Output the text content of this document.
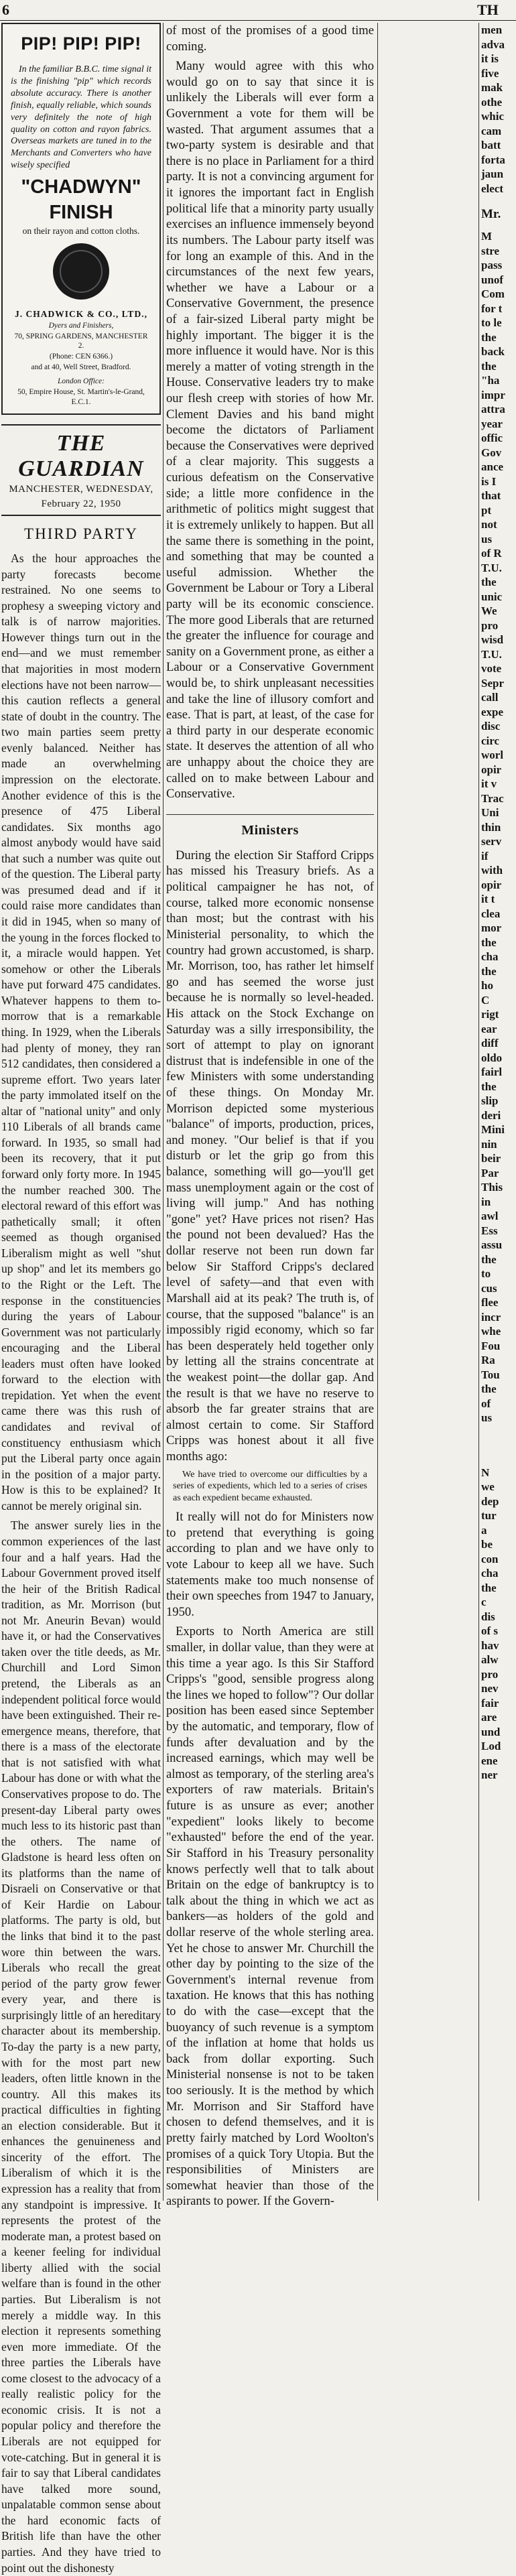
6	TH
PIP! PIP! PIP!

In the familiar B.B.C. time signal it is the finishing "pip" which records absolute accuracy. There is another finish, equally reliable, which sounds very definitely the note of high quality on cotton and rayon fabrics. Overseas markets are tuned in to the Merchants and Converters who have wisely specified

"CHADWYN"
FINISH
on their rayon and cotton cloths.
J. CHADWICK & CO., LTD.,
Dyers and Finishers,
70, SPRING GARDENS, MANCHESTER 2.
(Phone: CEN 6366.)
and at 40, Well Street, Bradford.
London Office:
50, Empire House, St. Martin's-le-Grand, E.C.1.
THE GUARDIAN
MANCHESTER, WEDNESDAY,
February 22, 1950
THIRD PARTY

As the hour approaches the party forecasts become restrained. No one seems to prophesy a sweeping victory and talk is of narrow majorities. However things turn out in the end—and we must remember that majorities in most modern elections have not been narrow—this caution reflects a general state of doubt in the country. The two main parties seem pretty evenly balanced. Neither has made an overwhelming impression on the electorate. Another evidence of this is the presence of 475 Liberal candidates. Six months ago almost anybody would have said that such a number was quite out of the question. The Liberal party was presumed dead and if it could raise more candidates than it did in 1945, when so many of the young in the forces flocked to it, a miracle would happen. Yet somehow or other the Liberals have put forward 475 candidates. Whatever happens to them to-morrow that is a remarkable thing. In 1929, when the Liberals had plenty of money, they ran 512 candidates, then considered a supreme effort. Two years later the party immolated itself on the altar of "national unity" and only 110 Liberals of all brands came forward. In 1935, so small had been its recovery, that it put forward only forty more. In 1945 the number reached 300. The electoral reward of this effort was pathetically small; it often seemed as though organised Liberalism might as well "shut up shop" and let its members go to the Right or the Left. The response in the constituencies during the years of Labour Government was not particularly encouraging and the Liberal leaders must often have looked forward to the election with trepidation. Yet when the event came there was this rush of candidates and revival of constituency enthusiasm which put the Liberal party once again in the position of a major party. How is this to be explained? It cannot be merely original sin.

The answer surely lies in the common experiences of the last four and a half years. Had the Labour Government proved itself the heir of the British Radical tradition, as Mr. Morrison (but not Mr. Aneurin Bevan) would have it, or had the Conservatives taken over the title deeds, as Mr. Churchill and Lord Simon pretend, the Liberals as an independent political force would have been extinguished. Their re-emergence means, therefore, that there is a mass of the electorate that is not satisfied with what Labour has done or with what the Conservatives propose to do. The present-day Liberal party owes much less to its historic past than the others. The name of Gladstone is heard less often on its platforms than the name of Disraeli on Conservative or that of Keir Hardie on Labour platforms. The party is old, but the links that bind it to the past wore thin between the wars. Liberals who recall the great period of the party grow fewer every year, and there is surprisingly little of an hereditary character about its membership. To-day the party is a new party, with for the most part new leaders, often little known in the country. All this makes its practical difficulties in fighting an election considerable. But it enhances the genuineness and sincerity of the effort. The Liberalism of which it is the expression has a reality that from any standpoint is impressive. It represents the protest of the moderate man, a protest based on a keener feeling for individual liberty allied with the social welfare than is found in the other parties. But Liberalism is not merely a middle way. In this election it represents something even more immediate. Of the three parties the Liberals have come closest to the advocacy of a really realistic policy for the economic crisis. It is not a popular policy and therefore the Liberals are not equipped for vote-catching. But in general it is fair to say that Liberal candidates have talked more sound, unpalatable common sense about the hard economic facts of British life than have the other parties. And they have tried to point out the dishonesty

of most of the promises of a good time coming.

Many would agree with this who would go on to say that since it is unlikely the Liberals will ever form a Government a vote for them will be wasted. That argument assumes that a two-party system is desirable and that there is no place in Parliament for a third party. It is not a convincing argument for it ignores the important fact in English political life that a minority party usually exercises an influence immensely beyond its numbers. The Labour party itself was for long an example of this. And in the circumstances of the next few years, whether we have a Labour or a Conservative Government, the presence of a fair-sized Liberal party might be highly important. The bigger it is the more influence it would have. Nor is this merely a matter of voting strength in the House. Conservative leaders try to make our flesh creep with stories of how Mr. Clement Davies and his band might become the dictators of Parliament because the Conservatives were deprived of a clear majority. This suggests a curious defeatism on the Conservative side; a little more confidence in the arithmetic of politics might suggest that it is extremely unlikely to happen. But all the same there is something in the point, and something that may be counted a useful admission. Whether the Government be Labour or Tory a Liberal party will be its economic conscience. The more good Liberals that are returned the greater the influence for courage and sanity on a Government prone, as either a Labour or a Conservative Government would be, to shirk unpleasant necessities and take the line of illusory comfort and ease. That is part, at least, of the case for a third party in our desperate economic state. It deserves the attention of all who are unhappy about the choice they are called on to make between Labour and Conservative.

Ministers

During the election Sir Stafford Cripps has missed his Treasury briefs. As a political campaigner he has not, of course, talked more economic nonsense than most; but the contrast with his Ministerial personality, to which the country had grown accustomed, is sharp. Mr. Morrison, too, has rather let himself go and has seemed the worse just because he is normally so level-headed. His attack on the Stock Exchange on Saturday was a silly irresponsibility, the sort of attempt to play on ignorant distrust that is indefensible in one of the few Ministers with some understanding of these things. On Monday Mr. Morrison depicted some mysterious "balance" of imports, production, prices, and money. "Our belief is that if you disturb or let the grip go from this balance, something will go—you'll get mass unemployment again or the cost of living will jump." And has nothing "gone" yet? Have prices not risen? Has the pound not been devalued? Has the dollar reserve not been run down far below Sir Stafford Cripps's declared level of safety—and that even with Marshall aid at its peak? The truth is, of course, that the supposed "balance" is an impossibly rigid economy, which so far has been desperately held together only by letting all the strains concentrate at the weakest point—the dollar gap. And the result is that we have no reserve to absorb the far greater strains that are almost certain to come. Sir Stafford Cripps was honest about it all five months ago:

We have tried to overcome our difficulties by a series of expedients, which led to a series of crises as each expedient became exhausted.

It really will not do for Ministers now to pretend that everything is going according to plan and we have only to vote Labour to keep all we have. Such statements make too much nonsense of their own speeches from 1947 to January, 1950.

Exports to North America are still smaller, in dollar value, than they were at this time a year ago. Is this Sir Stafford Cripps's "good, sensible progress along the lines we hoped to follow"? Our dollar position has been eased since September by the automatic, and temporary, flow of funds after devaluation and by the increased earnings, which may well be almost as temporary, of the sterling area's exporters of raw materials. Britain's future is as unsure as ever; another "expedient" looks likely to become "exhausted" before the end of the year. Sir Stafford in his Treasury personality knows perfectly well that to talk about Britain on the edge of bankruptcy is to talk about the thing in which we act as bankers—as holders of the gold and dollar reserve of the whole sterling area. Yet he chose to answer Mr. Churchill the other day by pointing to the size of the Government's internal revenue from taxation. He knows that this has nothing to do with the case—except that the buoyancy of such revenue is a symptom of the inflation at home that holds us back from dollar exporting. Such Ministerial nonsense is not to be taken too seriously. It is the method by which Mr. Morrison and Sir Stafford have chosen to defend themselves, and it is pretty fairly matched by Lord Woolton's promises of a quick Tory Utopia. But the responsibilities of Ministers are somewhat heavier than those of the aspirants to power. If the Govern-

men
adva
it is
five
mak
othe
whic
cam
batt
forta
jaun
elect
Mr.
M
stre
pass
unof
Com
for t
to le
the
back
the
"ha
impr
attra
year
offic
Gov
ance
is I
that
pt
not
us
of R
T.U.
the
unic
We
pro
wisd
T.U.
vote
Sepr
call
expe
disc
circ
worl
opir
it v
Trac
Uni
thin
serv
if
with
opir
it t
clea
mor
the
cha
the
ho
C
rigt
ear
diff
oldo
fairl
the
slip
deri
Mini
nin
beir
Par
This
in
awl
Ess
assu
the
to
cus
flee
incr
whe
Fou
Ra
Tou
the
of
us
N
we
dep
tur
a
be
con
cha
the
c
dis
of s
hav
alw
pro
nev
fair
are
und
Lod
ene
ner
